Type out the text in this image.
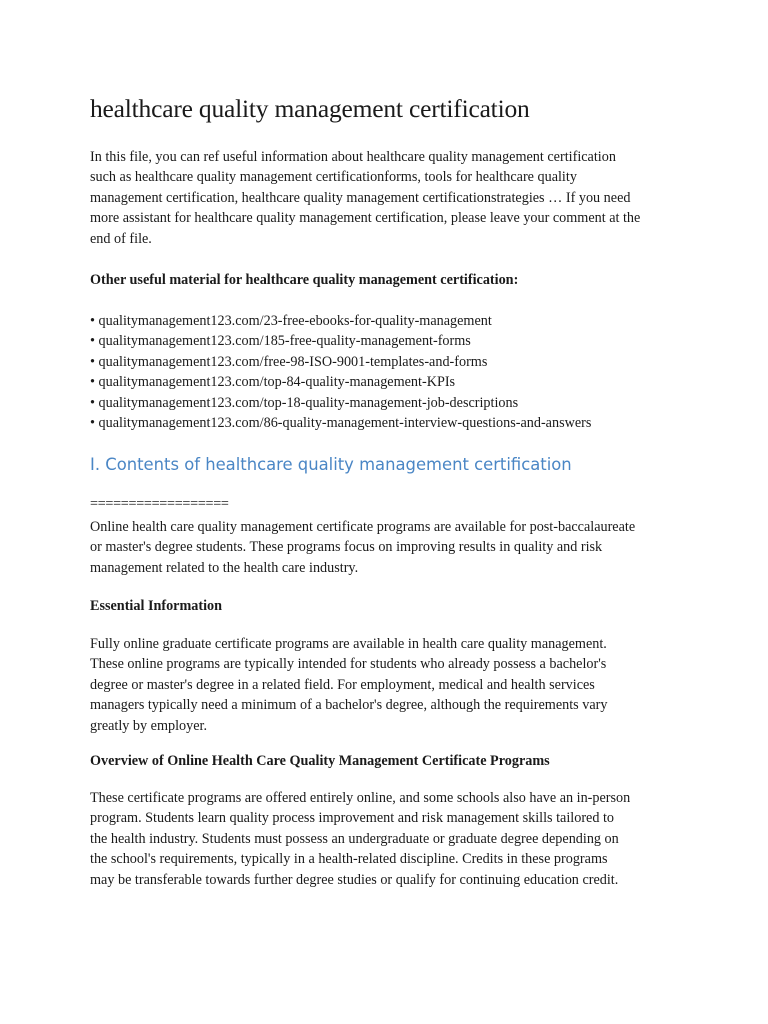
healthcare quality management certification

In this file, you can ref useful information about healthcare quality management certification
such as healthcare quality management certificationforms, tools for healthcare quality
management certification, healthcare quality management certificationstrategies … If you need
more assistant for healthcare quality management certification, please leave your comment at the
end of file.

Other useful material for healthcare quality management certification:

• qualitymanagement123.com/23-free-ebooks-for-quality-management
• qualitymanagement123.com/185-free-quality-management-forms
• qualitymanagement123.com/free-98-ISO-9001-templates-and-forms
• qualitymanagement123.com/top-84-quality-management-KPIs
• qualitymanagement123.com/top-18-quality-management-job-descriptions
• qualitymanagement123.com/86-quality-management-interview-questions-and-answers
I. Contents of healthcare quality management certification

==================

Online health care quality management certificate programs are available for post-baccalaureate
or master's degree students. These programs focus on improving results in quality and risk
management related to the health care industry.

Essential Information

Fully online graduate certificate programs are available in health care quality management.
These online programs are typically intended for students who already possess a bachelor's
degree or master's degree in a related field. For employment, medical and health services
managers typically need a minimum of a bachelor's degree, although the requirements vary
greatly by employer.

Overview of Online Health Care Quality Management Certificate Programs

These certificate programs are offered entirely online, and some schools also have an in-person
program. Students learn quality process improvement and risk management skills tailored to
the health industry. Students must possess an undergraduate or graduate degree depending on
the school's requirements, typically in a health-related discipline. Credits in these programs
may be transferable towards further degree studies or qualify for continuing education credit.
